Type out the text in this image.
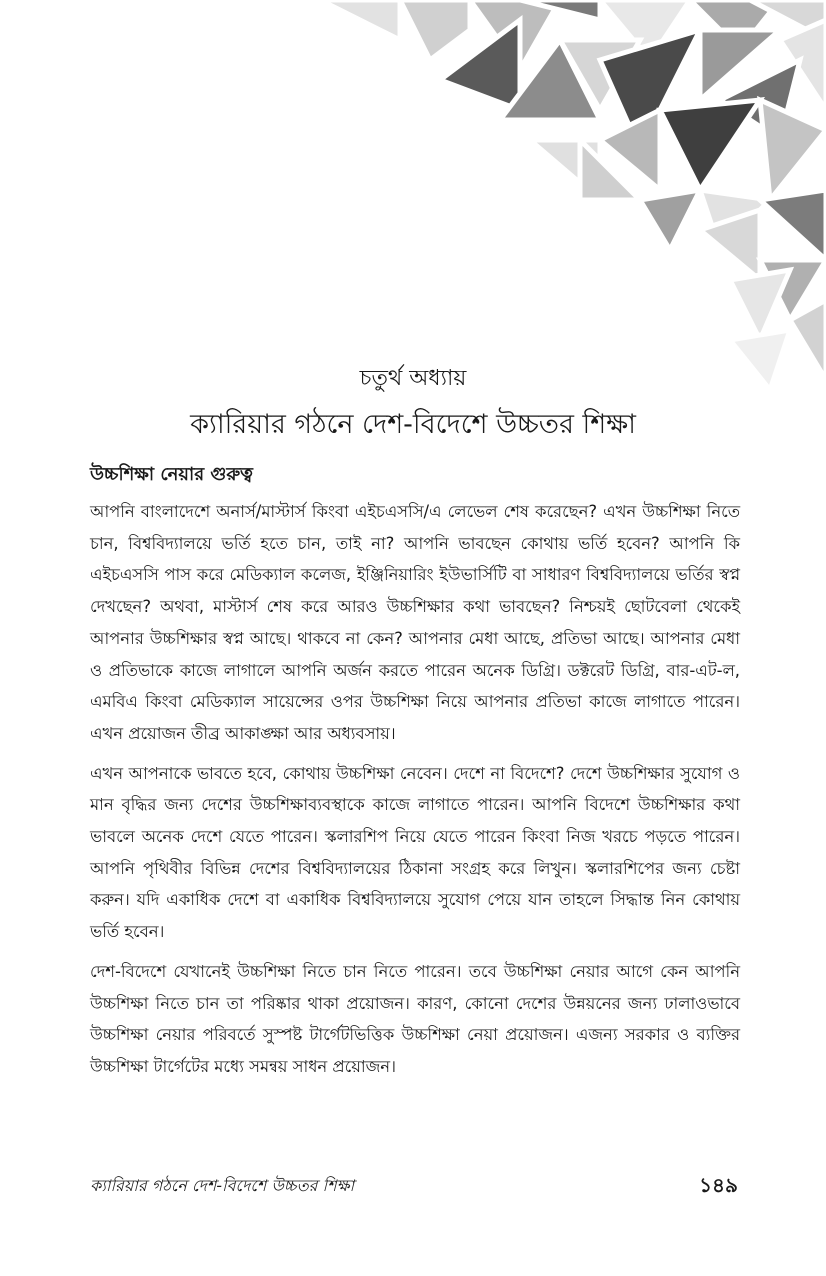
চতুর্থ অধ্যায়
ক্যারিয়ার গঠনে দেশ-বিদেশে উচ্চতর শিক্ষা
উচ্চশিক্ষা নেয়ার গুরুত্ব

আপনি বাংলাদেশে অনার্স/মাস্টার্স কিংবা এইচএসসি/এ লেভেল শেষ করেছেন? এখন উচ্চশিক্ষা নিতে চান, বিশ্ববিদ্যালয়ে ভর্তি হতে চান, তাই না? আপনি ভাবছেন কোথায় ভর্তি হবেন? আপনি কি এইচএসসি পাস করে মেডিক্যাল কলেজ, ইঞ্জিনিয়ারিং ইউভার্সিটি বা সাধারণ বিশ্ববিদ্যালয়ে ভর্তির স্বপ্ন দেখছেন? অথবা, মাস্টার্স শেষ করে আরও উচ্চশিক্ষার কথা ভাবছেন? নিশ্চয়ই ছোটবেলা থেকেই আপনার উচ্চশিক্ষার স্বপ্ন আছে। থাকবে না কেন? আপনার মেধা আছে, প্রতিভা আছে। আপনার মেধা ও প্রতিভাকে কাজে লাগালে আপনি অর্জন করতে পারেন অনেক ডিগ্রি। ডক্টরেট ডিগ্রি, বার-এট-ল, এমবিএ কিংবা মেডিক্যাল সায়েন্সের ওপর উচ্চশিক্ষা নিয়ে আপনার প্রতিভা কাজে লাগাতে পারেন। এখন প্রয়োজন তীব্র আকাঙ্ক্ষা আর অধ্যবসায়।

এখন আপনাকে ভাবতে হবে, কোথায় উচ্চশিক্ষা নেবেন। দেশে না বিদেশে? দেশে উচ্চশিক্ষার সুযোগ ও মান বৃদ্ধির জন্য দেশের উচ্চশিক্ষাব্যবস্থাকে কাজে লাগাতে পারেন। আপনি বিদেশে উচ্চশিক্ষার কথা ভাবলে অনেক দেশে যেতে পারেন। স্কলারশিপ নিয়ে যেতে পারেন কিংবা নিজ খরচে পড়তে পারেন। আপনি পৃথিবীর বিভিন্ন দেশের বিশ্ববিদ্যালয়ের ঠিকানা সংগ্রহ করে লিখুন। স্কলারশিপের জন্য চেষ্টা করুন। যদি একাধিক দেশে বা একাধিক বিশ্ববিদ্যালয়ে সুযোগ পেয়ে যান তাহলে সিদ্ধান্ত নিন কোথায় ভর্তি হবেন।

দেশ-বিদেশে যেখানেই উচ্চশিক্ষা নিতে চান নিতে পারেন। তবে উচ্চশিক্ষা নেয়ার আগে কেন আপনি উচ্চশিক্ষা নিতে চান তা পরিষ্কার থাকা প্রয়োজন। কারণ, কোনো দেশের উন্নয়নের জন্য ঢালাওভাবে উচ্চশিক্ষা নেয়ার পরিবর্তে সুস্পষ্ট টার্গেটভিত্তিক উচ্চশিক্ষা নেয়া প্রয়োজন। এজন্য সরকার ও ব্যক্তির উচ্চশিক্ষা টার্গেটের মধ্যে সমন্বয় সাধন প্রয়োজন।

ক্যারিয়ার গঠনে দেশ-বিদেশে উচ্চতর শিক্ষা	১৪৯
